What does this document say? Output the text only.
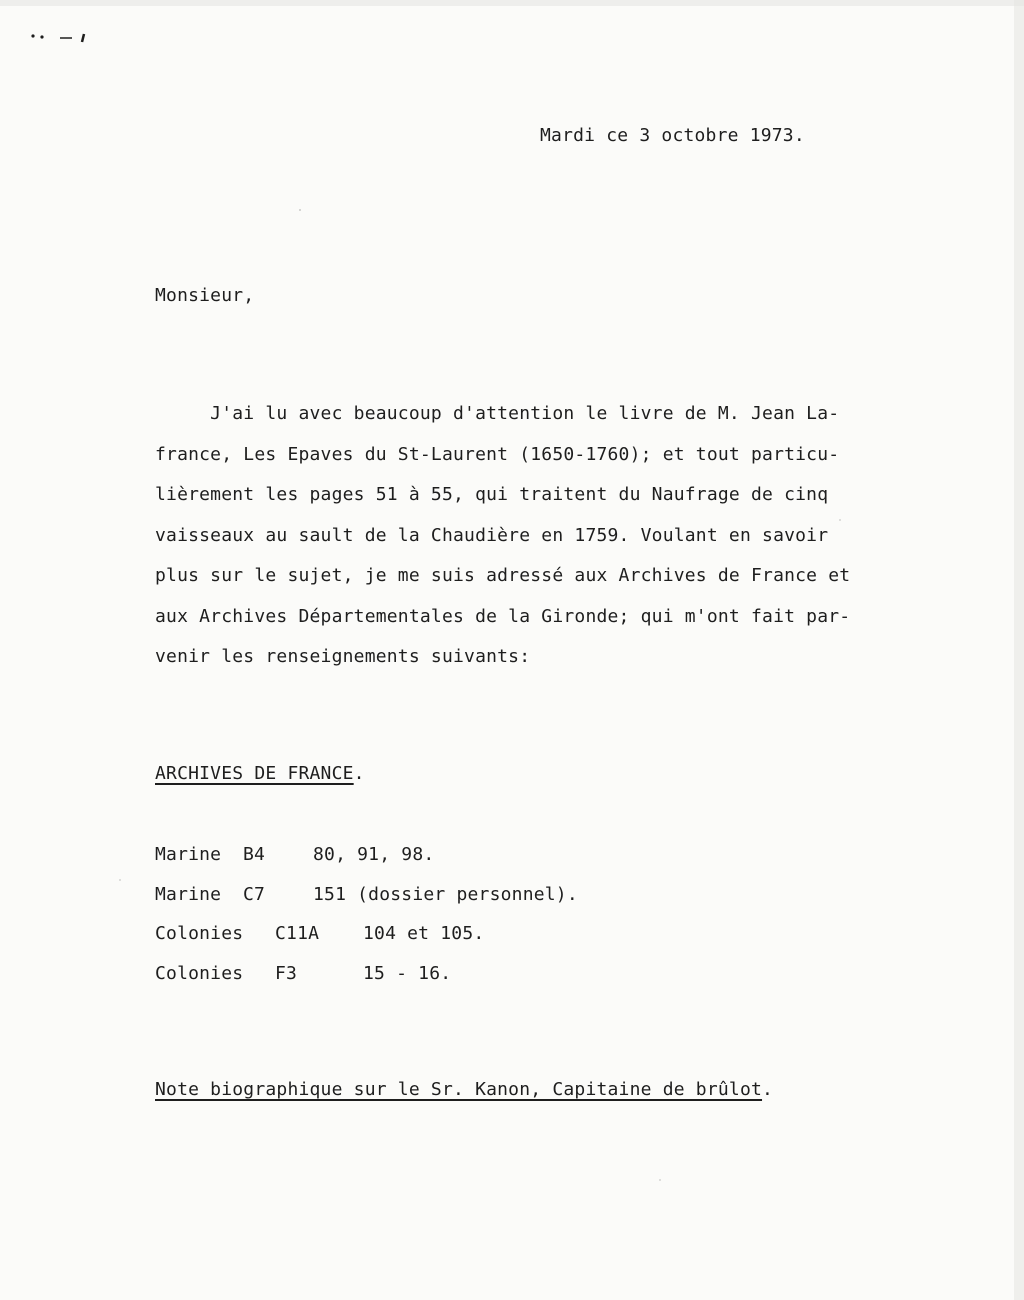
Mardi ce 3 octobre 1973.
Monsieur,
J'ai lu avec beaucoup d'attention le livre de M. Jean La-
france, Les Epaves du St-Laurent (1650-1760); et tout particu-
lièrement les pages 51 à 55, qui traitent du Naufrage de cinq
vaisseaux au sault de la Chaudière en 1759. Voulant en savoir
plus sur le sujet, je me suis adressé aux Archives de France et
aux Archives Départementales de la Gironde; qui m'ont fait par-
venir les renseignements suivants:
ARCHIVES DE FRANCE.
Marine	B4	80, 91, 98.
Marine	C7	151 (dossier personnel).
Colonies	C11A	104 et 105.
Colonies	F3	15 - 16.
Note biographique sur le Sr. Kanon, Capitaine de brûlot.
